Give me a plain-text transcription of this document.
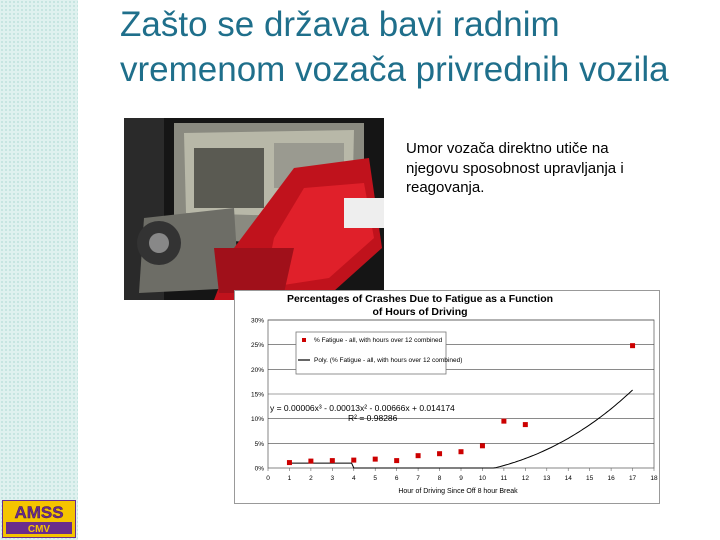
Zašto se država bavi radnim vremenom vozača privrednih vozila
Umor vozača direktno utiče na njegovu sposobnost upravljanja i reagovanja.
Percentages of Crashes Due to Fatigue as a Function
of Hours of Driving
0%
5%
10%
15%
20%
25%
30%
0	1	2	3	4	5	6	7	8	9 10 11 12 13 14 15 16 17 18
% Fatigue - all, with hours over 12 combined
Poly. (% Fatigue - all, with hours over 12 combined)
y = 0.00006x³ - 0.00013x² - 0.00666x + 0.014174
R² = 0.98286
Hour of Driving Since Off 8 hour Break
AMSS
CMV
